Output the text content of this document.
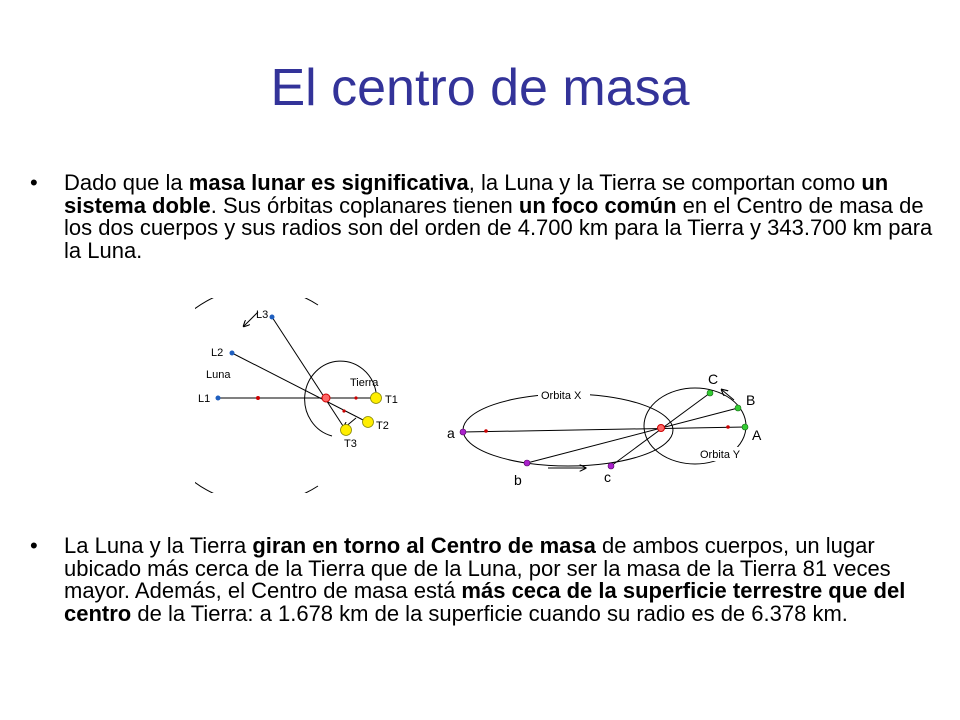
El centro de masa
• Dado que la masa lunar es significativa, la Luna y la Tierra se comportan como un sistema doble. Sus órbitas coplanares tienen un foco común en el Centro de masa de los dos cuerpos y sus radios son del orden de 4.700 km para la Tierra y 343.700 km para la Luna.
L3
L2
Luna
L1
Tierra
T1
T2
T3
Orbita X
Orbita Y
a
b	c
A
B
C
• La Luna y la Tierra giran en torno al Centro de masa de ambos cuerpos, un lugar ubicado más cerca de la Tierra que de la Luna, por ser la masa de la Tierra 81 veces mayor. Además, el Centro de masa está más ceca de la superficie terrestre que del centro de la Tierra: a 1.678 km de la superficie cuando su radio es de 6.378 km.
